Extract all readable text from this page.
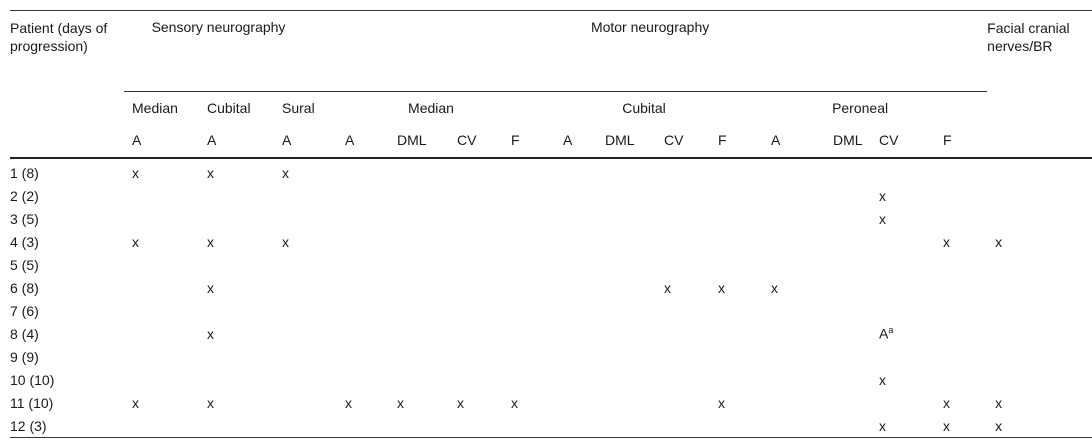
Patient (days of progression)	Sensory neurography			Motor neurography												Facial cranial nerves/BR
	Median	Cubital	Sural	Median				Cubital				Peroneal				
	A	A	A	A	DML	CV	F	A	DML	CV	F	A	DML	CV	F	

1 (8)	x	x	x													
2 (2)														x		
3 (5)														x		
4 (3)	x	x	x												x	x
5 (5)																
6 (8)		x								x	x	x				
7 (6)																
8 (4)		x												$A^a$		
9 (9)																
10 (10)														x		
11 (10)	x	x		x	x	x	x				x				x	x
12 (3)														x	x	x
